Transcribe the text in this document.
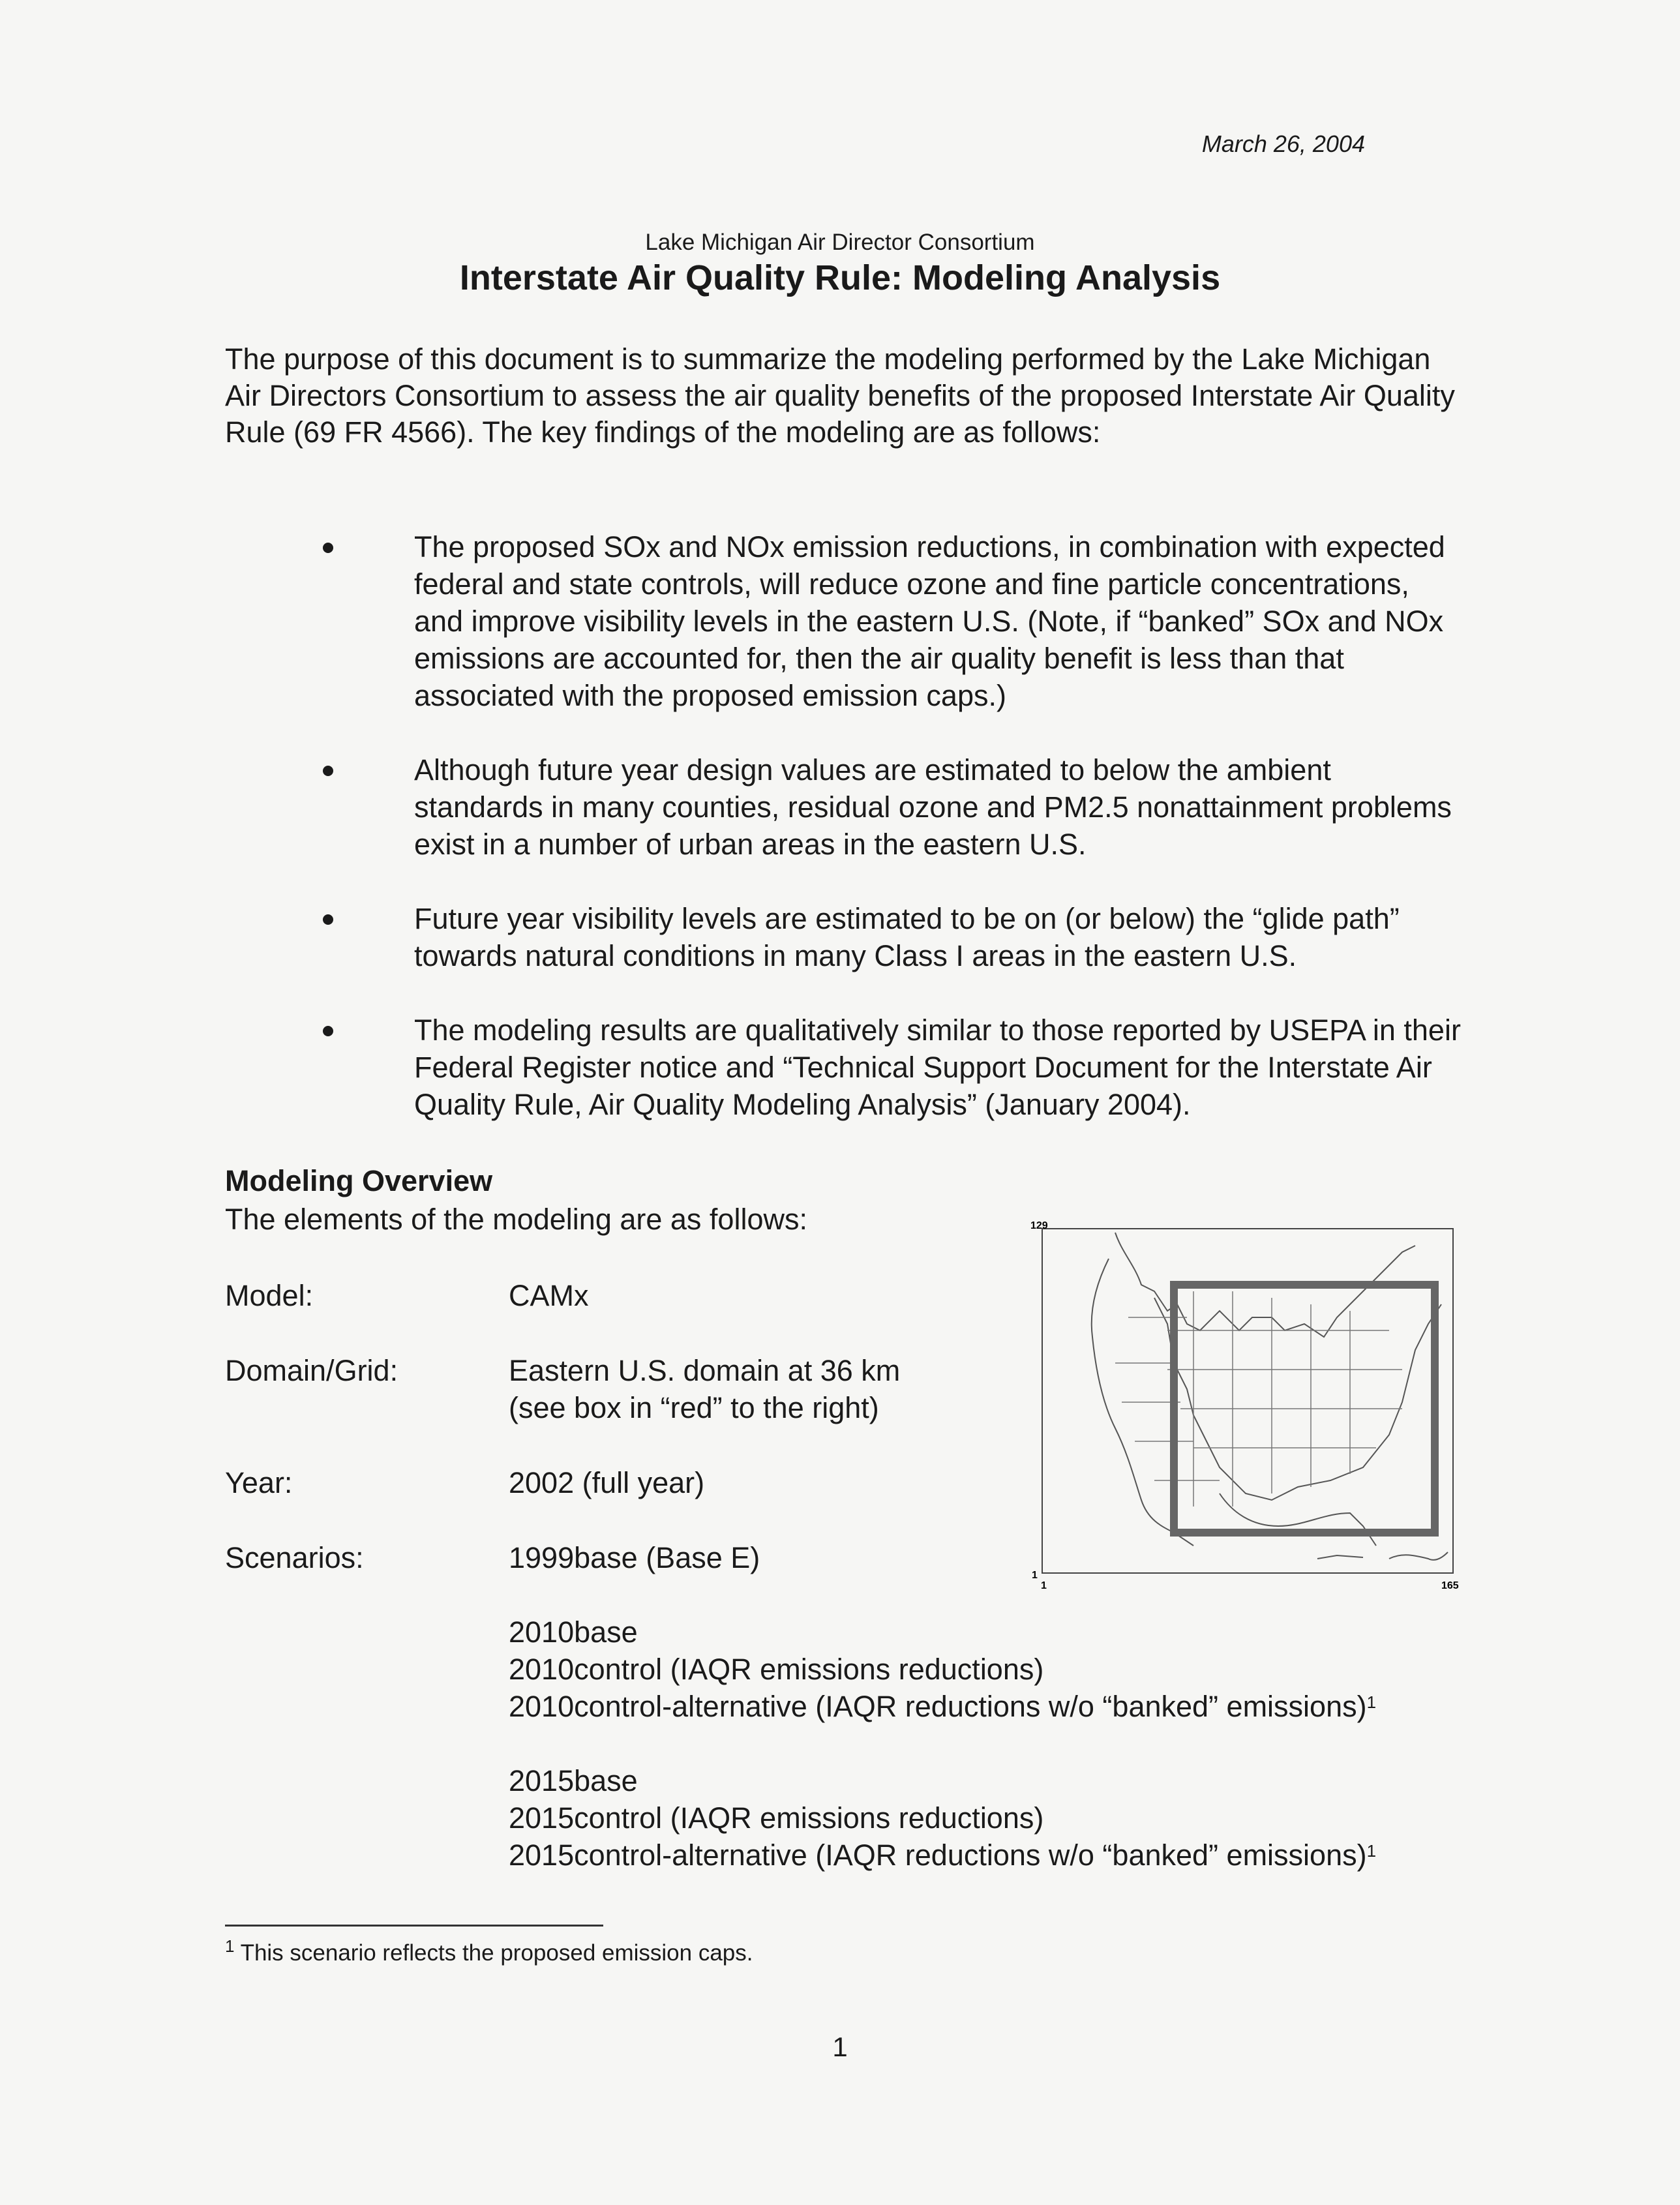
March 26, 2004
Lake Michigan Air Director Consortium
Interstate Air Quality Rule: Modeling Analysis
The purpose of this document is to summarize the modeling performed by the Lake Michigan Air Directors Consortium to assess the air quality benefits of the proposed Interstate Air Quality Rule (69 FR 4566). The key findings of the modeling are as follows:
The proposed SOx and NOx emission reductions, in combination with expected federal and state controls, will reduce ozone and fine particle concentrations, and improve visibility levels in the eastern U.S. (Note, if “banked” SOx and NOx emissions are accounted for, then the air quality benefit is less than that associated with the proposed emission caps.)
Although future year design values are estimated to below the ambient standards in many counties, residual ozone and PM2.5 nonattainment problems exist in a number of urban areas in the eastern U.S.
Future year visibility levels are estimated to be on (or below) the “glide path” towards natural conditions in many Class I areas in the eastern U.S.
The modeling results are qualitatively similar to those reported by USEPA in their Federal Register notice and “Technical Support Document for the Interstate Air Quality Rule, Air Quality Modeling Analysis” (January 2004).
Modeling Overview
The elements of the modeling are as follows:
Model:	CAMx
Domain/Grid:	Eastern U.S. domain at 36 km
(see box in “red” to the right)
Year:	2002 (full year)
Scenarios:	1999base (Base E)
2010base
2010control (IAQR emissions reductions)
2010control-alternative (IAQR reductions w/o “banked” emissions)$^1$
2015base
2015control (IAQR emissions reductions)
2015control-alternative (IAQR reductions w/o “banked” emissions)$^1$
129
1
1	165
$^1$ This scenario reflects the proposed emission caps.
1
